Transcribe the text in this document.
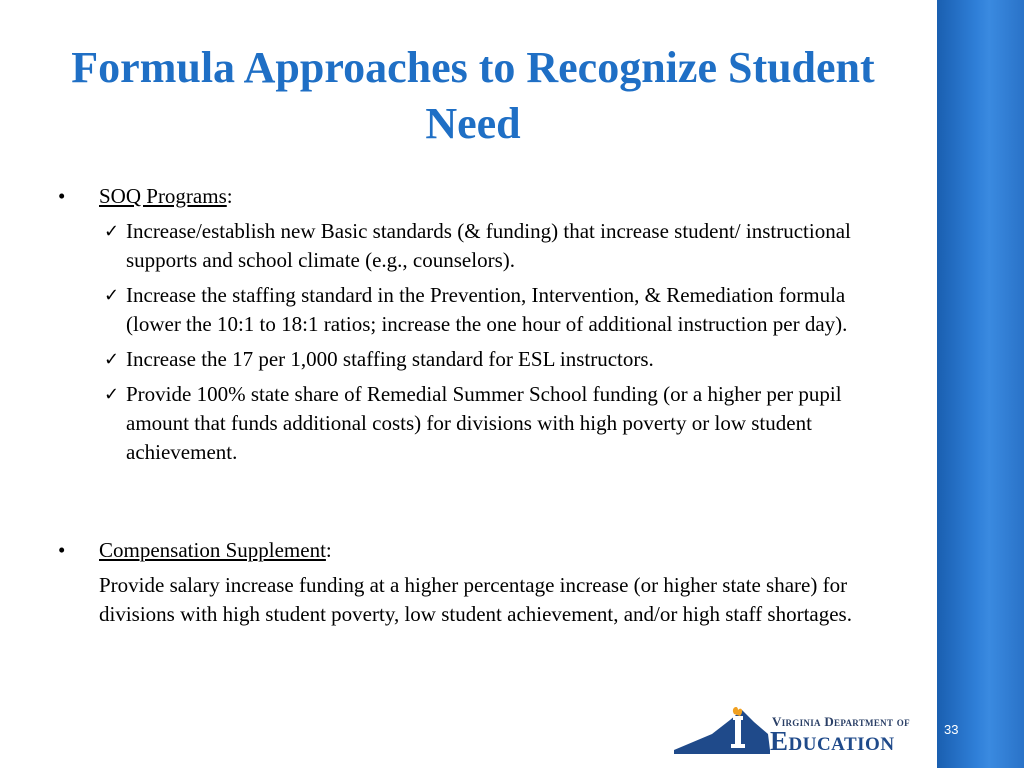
Formula Approaches to Recognize Student Need
•	SOQ Programs:
✓ Increase/establish new Basic standards (& funding) that increase student/ instructional supports and school climate (e.g., counselors).
✓ Increase the staffing standard in the Prevention, Intervention, & Remediation formula (lower the 10:1 to 18:1 ratios; increase the one hour of additional instruction per day).
✓ Increase the 17 per 1,000 staffing standard for ESL instructors.
✓ Provide 100% state share of Remedial Summer School funding (or a higher per pupil amount that funds additional costs) for divisions with high poverty or low student achievement.
•	Compensation Supplement:

Provide salary increase funding at a higher percentage increase (or higher state share) for divisions with high student poverty, low student achievement, and/or high staff shortages.

Virginia Department of
Education	33
